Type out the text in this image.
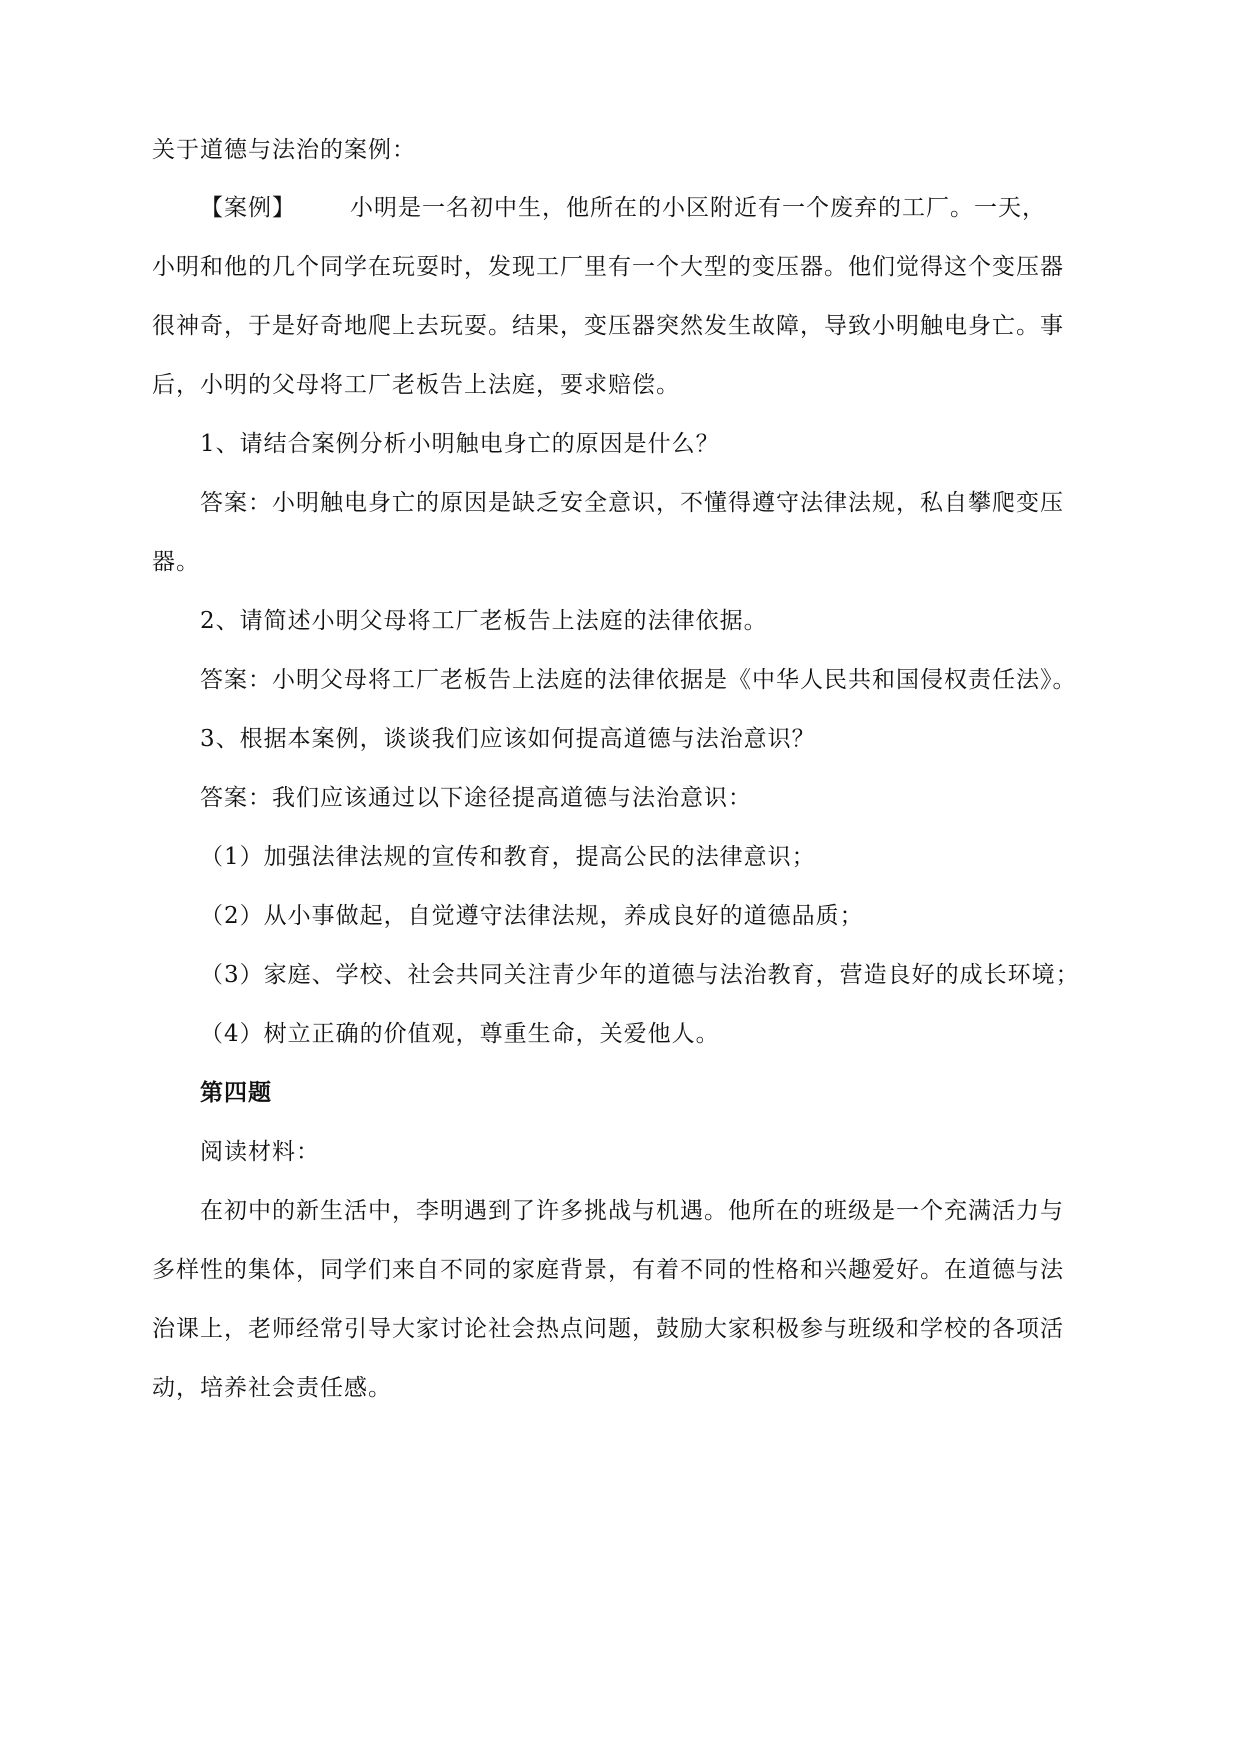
关于道德与法治的案例：
【案例】 小明是一名初中生，他所在的小区附近有一个废弃的工厂。一天，
小明和他的几个同学在玩耍时，发现工厂里有一个大型的变压器。他们觉得这个变压器
很神奇，于是好奇地爬上去玩耍。结果，变压器突然发生故障，导致小明触电身亡。事
后，小明的父母将工厂老板告上法庭，要求赔偿。
1、请结合案例分析小明触电身亡的原因是什么？
答案：小明触电身亡的原因是缺乏安全意识，不懂得遵守法律法规，私自攀爬变压
器。
2、请简述小明父母将工厂老板告上法庭的法律依据。
答案：小明父母将工厂老板告上法庭的法律依据是《中华人民共和国侵权责任法》。
3、根据本案例，谈谈我们应该如何提高道德与法治意识？
答案：我们应该通过以下途径提高道德与法治意识：
（1）加强法律法规的宣传和教育，提高公民的法律意识；
（2）从小事做起，自觉遵守法律法规，养成良好的道德品质；
（3）家庭、学校、社会共同关注青少年的道德与法治教育，营造良好的成长环境；
（4）树立正确的价值观，尊重生命，关爱他人。
第四题
阅读材料：
在初中的新生活中，李明遇到了许多挑战与机遇。他所在的班级是一个充满活力与
多样性的集体，同学们来自不同的家庭背景，有着不同的性格和兴趣爱好。在道德与法
治课上，老师经常引导大家讨论社会热点问题，鼓励大家积极参与班级和学校的各项活
动，培养社会责任感。
